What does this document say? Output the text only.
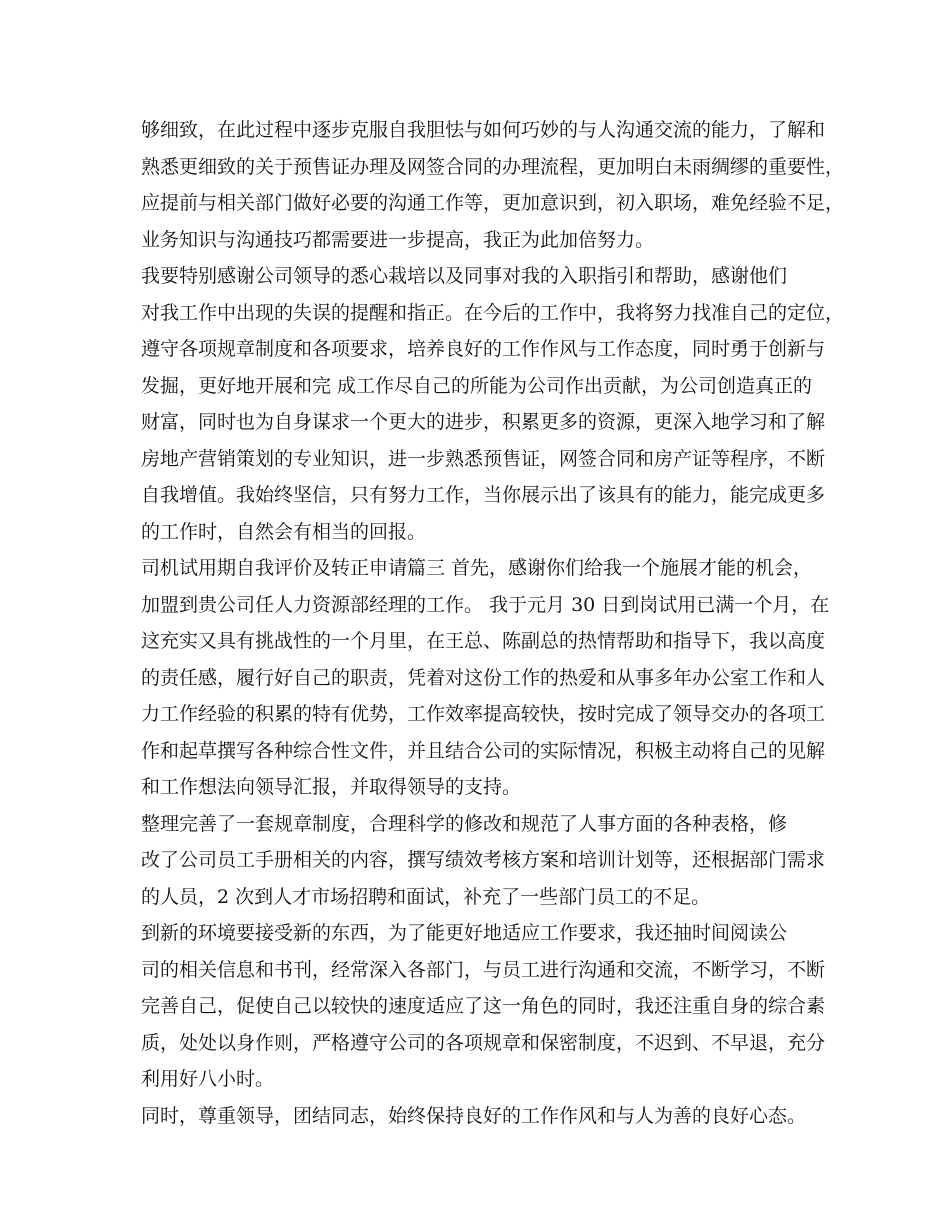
够细致，在此过程中逐步克服自我胆怯与如何巧妙的与人沟通交流的能力，了解和
熟悉更细致的关于预售证办理及网签合同的办理流程，更加明白未雨绸缪的重要性，
应提前与相关部门做好必要的沟通工作等，更加意识到，初入职场，难免经验不足，
业务知识与沟通技巧都需要进一步提高，我正为此加倍努力。
我要特别感谢公司领导的悉心栽培以及同事对我的入职指引和帮助，感谢他们
对我工作中出现的失误的提醒和指正。在今后的工作中，我将努力找准自己的定位，
遵守各项规章制度和各项要求，培养良好的工作作风与工作态度，同时勇于创新与
发掘，更好地开展和完 成工作尽自己的所能为公司作出贡献，为公司创造真正的
财富，同时也为自身谋求一个更大的进步，积累更多的资源，更深入地学习和了解
房地产营销策划的专业知识，进一步熟悉预售证，网签合同和房产证等程序，不断
自我增值。我始终坚信，只有努力工作，当你展示出了该具有的能力，能完成更多
的工作时，自然会有相当的回报。
司机试用期自我评价及转正申请篇三 首先，感谢你们给我一个施展才能的机会，
加盟到贵公司任人力资源部经理的工作。 我于元月 30 日到岗试用已满一个月，在
这充实又具有挑战性的一个月里，在王总、陈副总的热情帮助和指导下，我以高度
的责任感，履行好自己的职责，凭着对这份工作的热爱和从事多年办公室工作和人
力工作经验的积累的特有优势，工作效率提高较快，按时完成了领导交办的各项工
作和起草撰写各种综合性文件，并且结合公司的实际情况，积极主动将自己的见解
和工作想法向领导汇报，并取得领导的支持。
整理完善了一套规章制度，合理科学的修改和规范了人事方面的各种表格，修
改了公司员工手册相关的内容，撰写绩效考核方案和培训计划等，还根据部门需求
的人员，2 次到人才市场招聘和面试，补充了一些部门员工的不足。
到新的环境要接受新的东西，为了能更好地适应工作要求，我还抽时间阅读公
司的相关信息和书刊，经常深入各部门，与员工进行沟通和交流，不断学习，不断
完善自己，促使自己以较快的速度适应了这一角色的同时，我还注重自身的综合素
质，处处以身作则，严格遵守公司的各项规章和保密制度，不迟到、不早退，充分
利用好八小时。
同时，尊重领导，团结同志，始终保持良好的工作作风和与人为善的良好心态。
